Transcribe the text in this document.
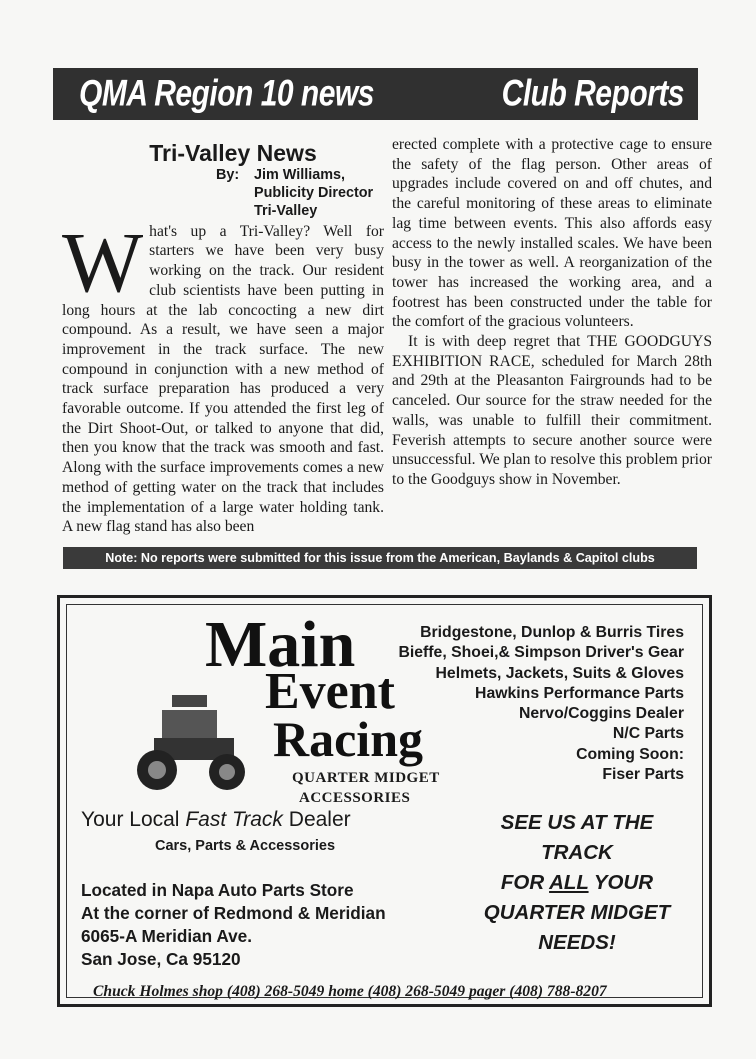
QMA Region 10 news	Club Reports
Tri-Valley News
By: Jim Williams,
Publicity Director
Tri-Valley
W hat's up a Tri-Valley? Well for starters we have been very busy working on the track. Our resident club scientists have been putting in long hours at the lab concocting a new dirt compound. As a result, we have seen a major improvement in the track surface. The new compound in conjunction with a new method of track surface preparation has produced a very favorable outcome. If you attended the first leg of the Dirt Shoot-Out, or talked to anyone that did, then you know that the track was smooth and fast. Along with the surface improvements comes a new method of getting water on the track that includes the implementation of a large water holding tank. A new flag stand has also been

erected complete with a protective cage to ensure the safety of the flag person. Other areas of upgrades include covered on and off chutes, and the careful monitoring of these areas to eliminate lag time between events. This also affords easy access to the newly installed scales. We have been busy in the tower as well. A reorganization of the tower has increased the working area, and a footrest has been constructed under the table for the comfort of the gracious volunteers.

It is with deep regret that THE GOODGUYS EXHIBITION RACE, scheduled for March 28th and 29th at the Pleasanton Fairgrounds had to be canceled. Our source for the straw needed for the walls, was unable to fulfill their commitment. Feverish attempts to secure another source were unsuccessful. We plan to resolve this problem prior to the Goodguys show in November.

Note: No reports were submitted for this issue from the American, Baylands & Capitol clubs
Main
Event
Racing
QUARTER MIDGET
ACCESSORIES
Bridgestone, Dunlop & Burris Tires
Bieffe, Shoei,& Simpson Driver's Gear
Helmets, Jackets, Suits & Gloves
Hawkins Performance Parts
Nervo/Coggins Dealer
N/C Parts
Coming Soon:
Fiser Parts
Your Local Fast Track Dealer
Cars, Parts & Accessories
Located in Napa Auto Parts Store
At the corner of Redmond & Meridian
6065-A Meridian Ave.
San Jose, Ca 95120
SEE US AT THE
TRACK
FOR ALL YOUR
QUARTER MIDGET
NEEDS!
Chuck Holmes shop (408) 268-5049 home (408) 268-5049 pager (408) 788-8207
